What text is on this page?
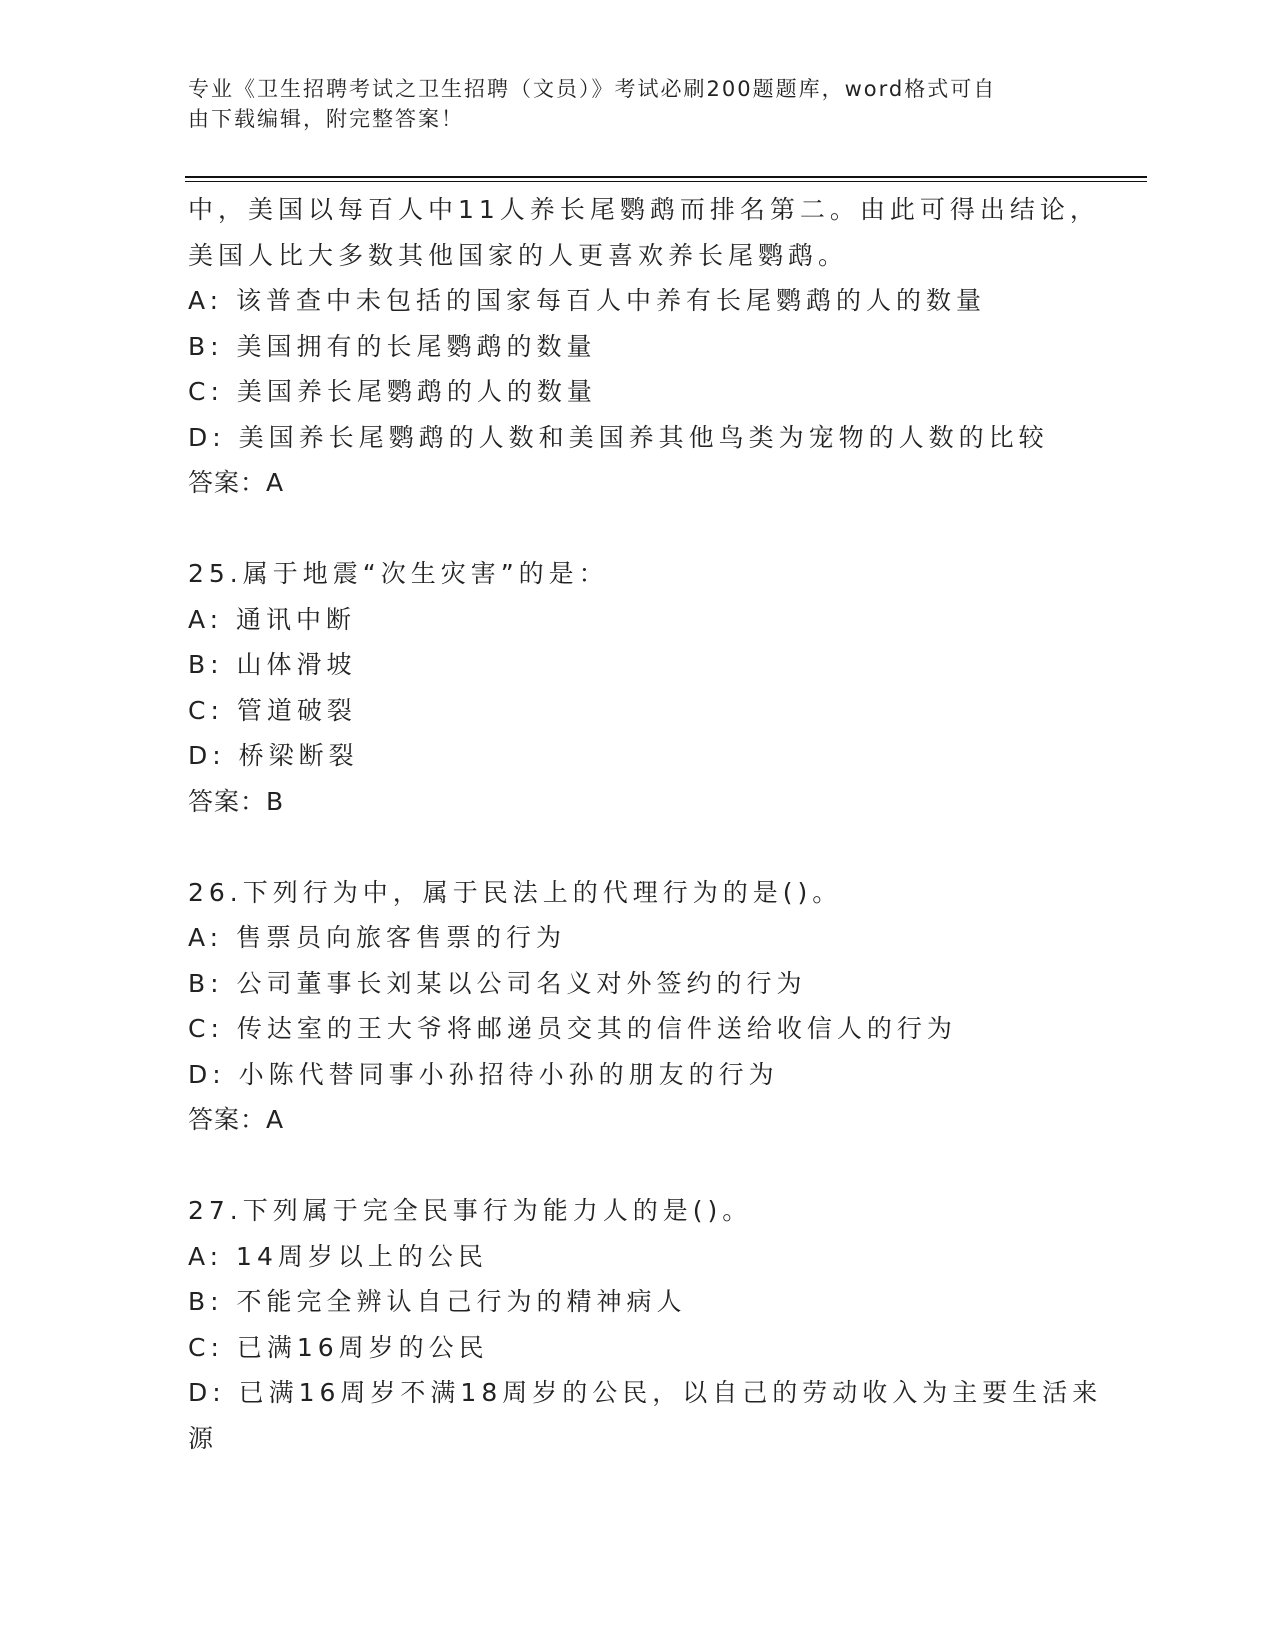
专业《卫生招聘考试之卫生招聘（文员）》考试必刷200题题库，word格式可自
由下载编辑，附完整答案！
中，美国以每百人中11人养长尾鹦鹉而排名第二。由此可得出结论，
美国人比大多数其他国家的人更喜欢养长尾鹦鹉。
A: 该普查中未包括的国家每百人中养有长尾鹦鹉的人的数量
B: 美国拥有的长尾鹦鹉的数量
C: 美国养长尾鹦鹉的人的数量
D: 美国养长尾鹦鹉的人数和美国养其他鸟类为宠物的人数的比较
答案：A
25.属于地震“次生灾害”的是：
A: 通讯中断
B: 山体滑坡
C: 管道破裂
D: 桥梁断裂
答案：B
26.下列行为中，属于民法上的代理行为的是()。
A: 售票员向旅客售票的行为
B: 公司董事长刘某以公司名义对外签约的行为
C: 传达室的王大爷将邮递员交其的信件送给收信人的行为
D: 小陈代替同事小孙招待小孙的朋友的行为
答案：A
27.下列属于完全民事行为能力人的是()。
A: 14周岁以上的公民
B: 不能完全辨认自己行为的精神病人
C: 已满16周岁的公民
D: 已满16周岁不满18周岁的公民，以自己的劳动收入为主要生活来
源
